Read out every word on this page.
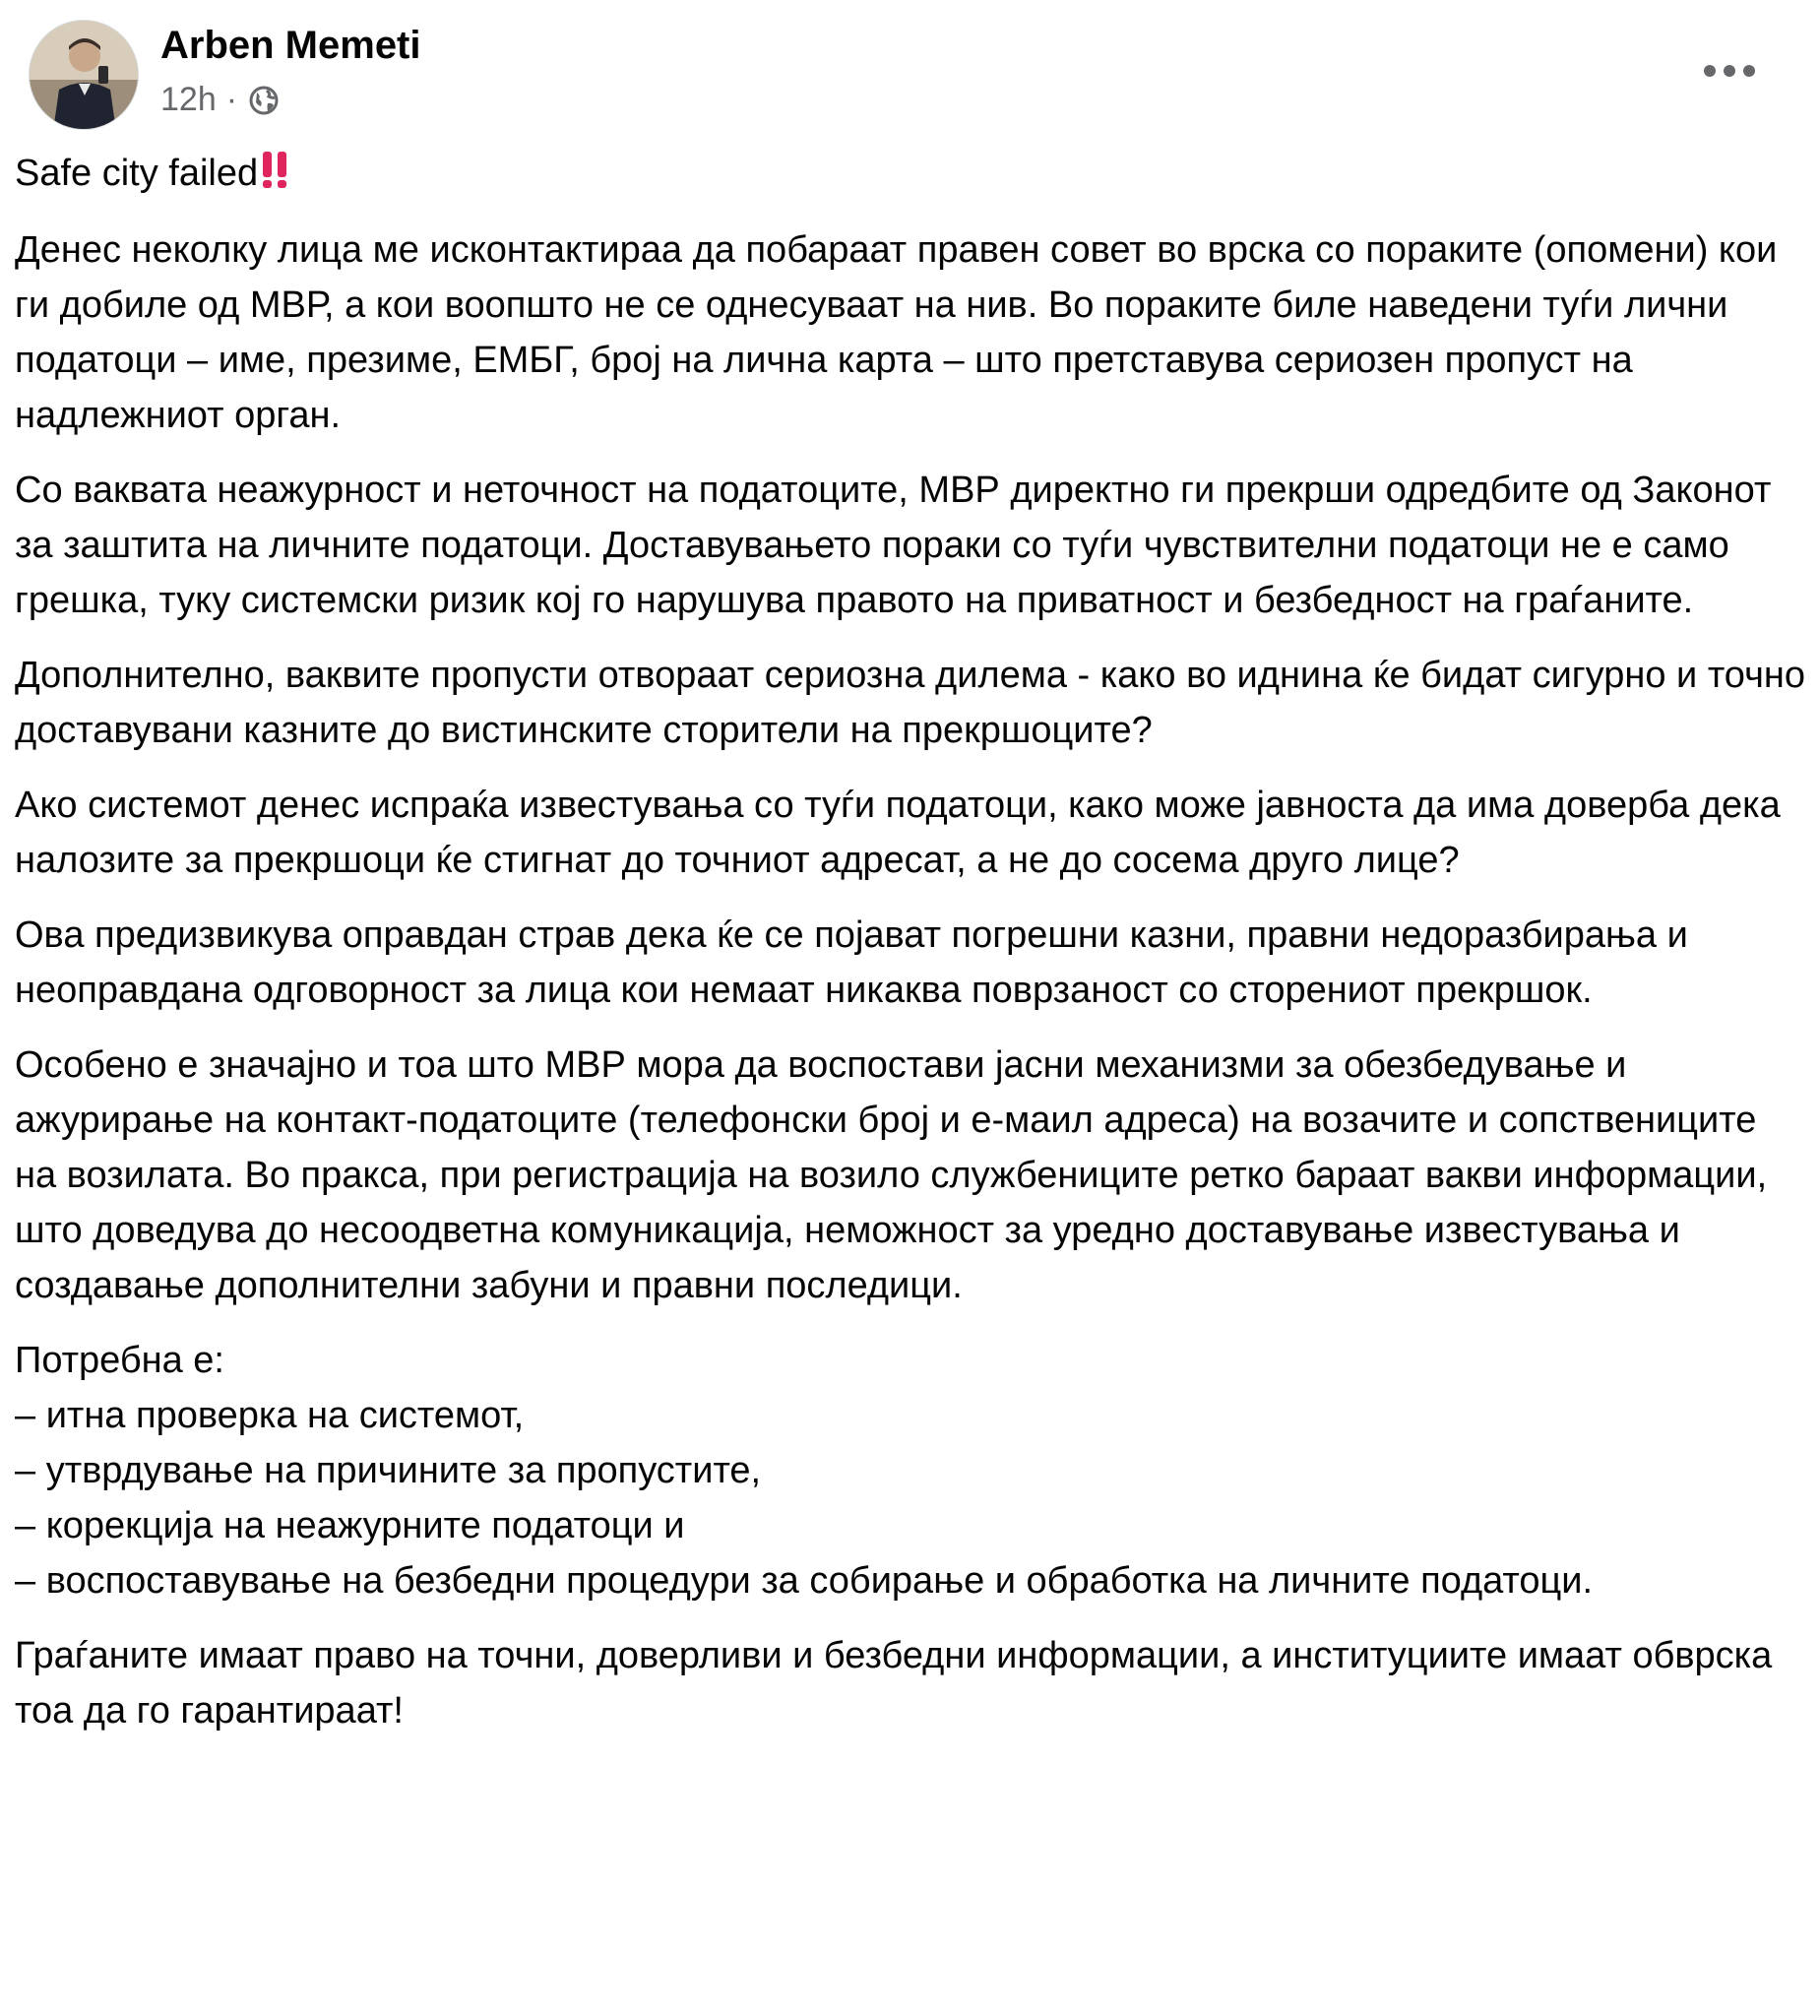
Arben Memeti
12h ·

Safe city failed

Денес неколку лица ме исконтактираа да побараат правен совет во врска со пораките (опомени) кои ги добиле од МВР, а кои воопшто не се однесуваат на нив. Во пораките биле наведени туѓи лични податоци – име, презиме, ЕМБГ, број на лична карта – што претставува сериозен пропуст на надлежниот орган.

Со ваквата неажурност и неточност на податоците, МВР директно ги прекрши одредбите од Законот за заштита на личните податоци. Доставувањето пораки со туѓи чувствителни податоци не е само грешка, туку системски ризик кој го нарушува правото на приватност и безбедност на граѓаните.

Дополнително, ваквите пропусти отвораат сериозна дилема - како во иднина ќе бидат сигурно и точно доставувани казните до вистинските сторители на прекршоците?

Ако системот денес испраќа известувања со туѓи податоци, како може јавноста да има доверба дека налозите за прекршоци ќе стигнат до точниот адресат, а не до сосема друго лице?

Ова предизвикува оправдан страв дека ќе се појават погрешни казни, правни недоразбирања и неоправдана одговорност за лица кои немаат никаква поврзаност со сторениот прекршок.

Особено е значајно и тоа што МВР мора да воспостави јасни механизми за обезбедување и ажурирање на контакт-податоците (телефонски број и е-маил адреса) на возачите и сопствениците на возилата. Во пракса, при регистрација на возило службениците ретко бараат вакви информации, што доведува до несоодветна комуникација, неможност за уредно доставување известувања и создавање дополнителни забуни и правни последици.

Потребна е:

– итна проверка на системот,

– утврдување на причините за пропустите,

– корекција на неажурните податоци и

– воспоставување на безбедни процедури за собирање и обработка на личните податоци.

Граѓаните имаат право на точни, доверливи и безбедни информации, а институциите имаат обврска тоа да го гарантираат!
